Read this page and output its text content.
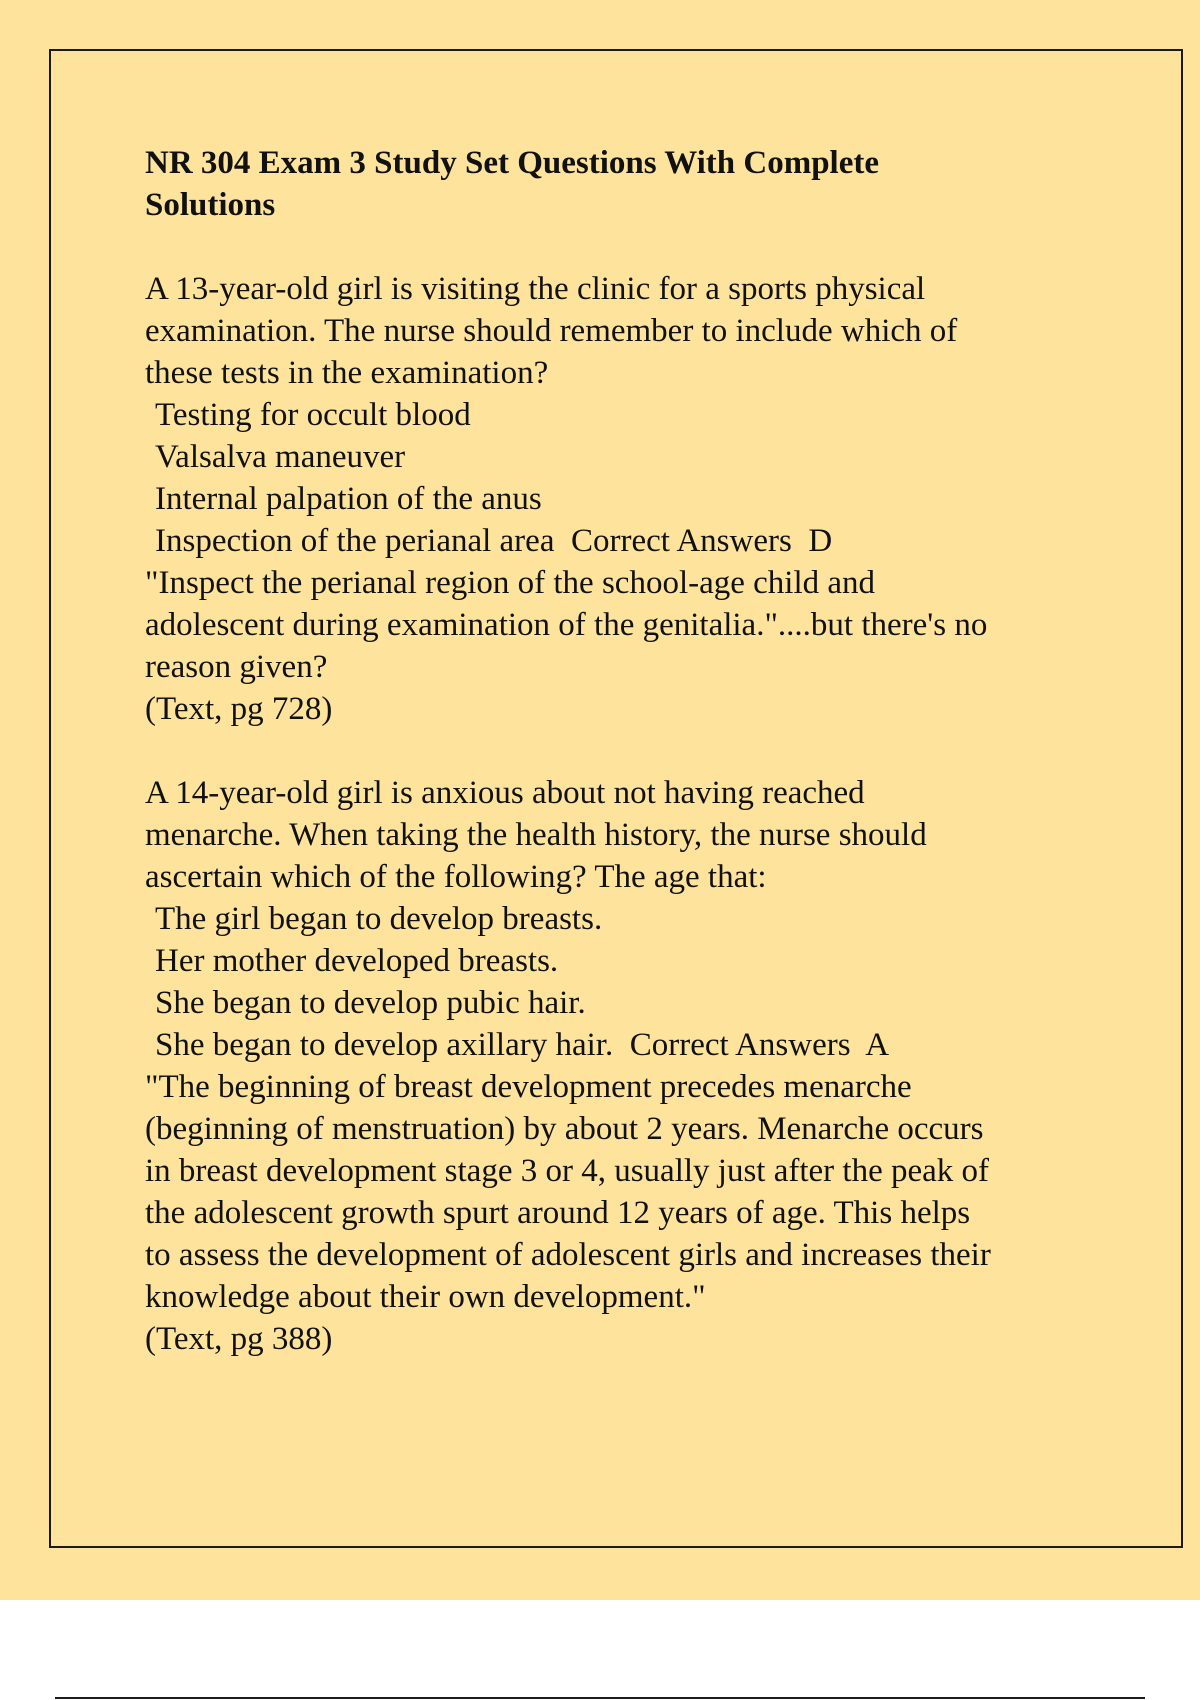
NR 304 Exam 3 Study Set Questions With Complete
Solutions
A 13-year-old girl is visiting the clinic for a sports physical
examination. The nurse should remember to include which of
these tests in the examination?
Testing for occult blood
Valsalva maneuver
Internal palpation of the anus
Inspection of the perianal area Correct Answers D
"Inspect the perianal region of the school-age child and
adolescent during examination of the genitalia."....but there's no
reason given?
(Text, pg 728)
A 14-year-old girl is anxious about not having reached
menarche. When taking the health history, the nurse should
ascertain which of the following? The age that:
The girl began to develop breasts.
Her mother developed breasts.
She began to develop pubic hair.
She began to develop axillary hair. Correct Answers A
"The beginning of breast development precedes menarche
(beginning of menstruation) by about 2 years. Menarche occurs
in breast development stage 3 or 4, usually just after the peak of
the adolescent growth spurt around 12 years of age. This helps
to assess the development of adolescent girls and increases their
knowledge about their own development."
(Text, pg 388)
